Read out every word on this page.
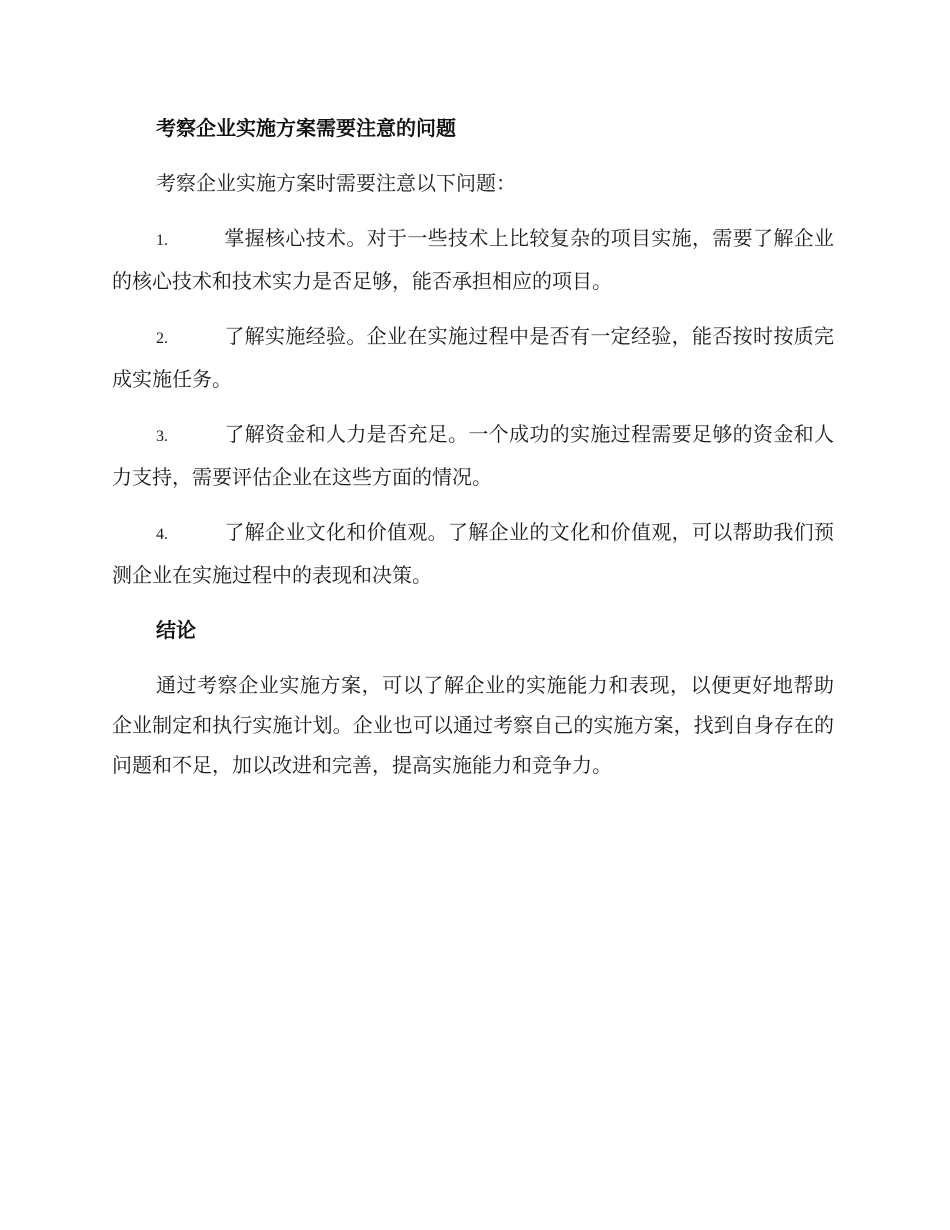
考察企业实施方案需要注意的问题

考察企业实施方案时需要注意以下问题：

1.	掌握核心技术。对于一些技术上比较复杂的项目实施，需要了解企业的核心技术和技术实力是否足够，能否承担相应的项目。

2.	了解实施经验。企业在实施过程中是否有一定经验，能否按时按质完成实施任务。

3.	了解资金和人力是否充足。一个成功的实施过程需要足够的资金和人力支持，需要评估企业在这些方面的情况。

4.	了解企业文化和价值观。了解企业的文化和价值观，可以帮助我们预测企业在实施过程中的表现和决策。

结论

通过考察企业实施方案，可以了解企业的实施能力和表现，以便更好地帮助企业制定和执行实施计划。企业也可以通过考察自己的实施方案，找到自身存在的问题和不足，加以改进和完善，提高实施能力和竞争力。
